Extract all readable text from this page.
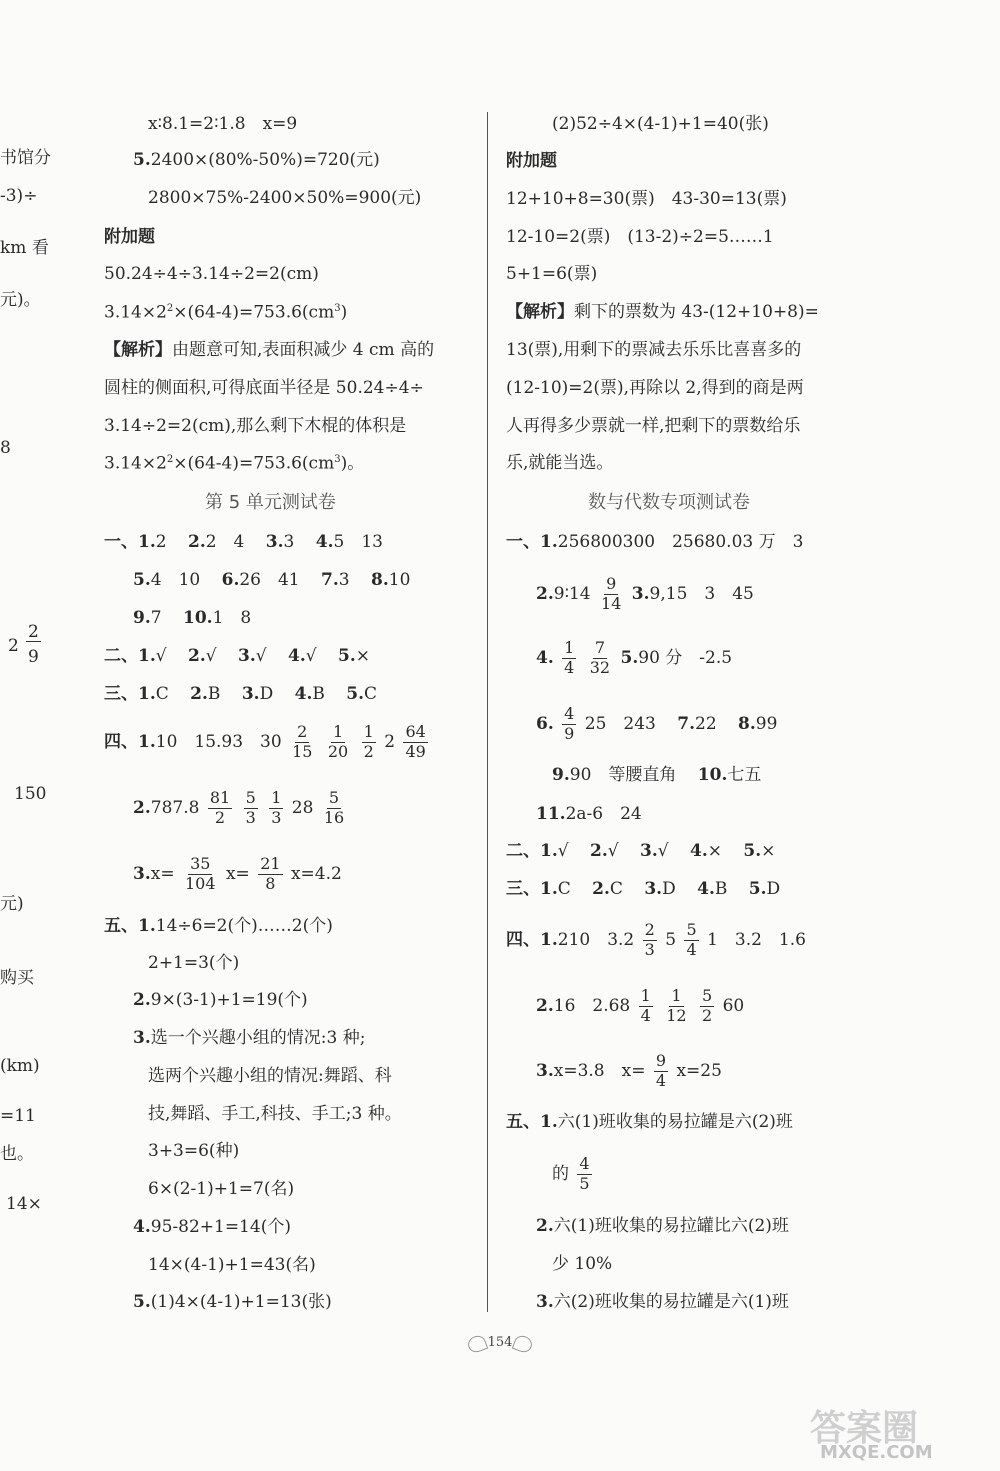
书馆分
-3)÷
km 看
元)。
8
2
2
9
150
元)
购买
(km)
=11
也。
14×
x∶8.1=2∶1.8　x=9
5.2400×(80%-50%)=720(元)
2800×75%-2400×50%=900(元)
附加题
50.24÷4÷3.14÷2=2(cm)
$3.14\times 2^2\times(64-4)=753.6(cm^3)$
【解析】由题意可知,表面积减少 4 cm 高的
圆柱的侧面积,可得底面半径是 50.24÷4÷
3.14÷2=2(cm),那么剩下木棍的体积是
$3.14\times 2^2\times(64-4)=753.6(cm^3)$。
第 5 单元测试卷
一、1.2 2.2　4 3.3 4.5　13
5.4　10 6.26　41 7.3 8.10
9.7 10.1　8
二、1.√ 2.√ 3.√ 4.√ 5.×
三、1.C 2.B 3.D 4.B 5.C
四、1.10　15.93　$30 \frac{2}{15}$
$\frac{1}{20}$
$\frac{1}{2} 2 \frac{64}{49}$
$2.787.8 \frac{81}{2}$
$\frac{5}{3}$
$\frac{1}{3} 28 \frac{5}{16}$
$3.x= \frac{35}{104} x= \frac{21}{8} x=4.2$
五、1.14÷6=2(个)……2(个)
2+1=3(个)
2.9×(3-1)+1=19(个)
3.选一个兴趣小组的情况:3 种;
选两个兴趣小组的情况:舞蹈、科
技,舞蹈、手工,科技、手工;3 种。
3+3=6(种)
6×(2-1)+1=7(名)
4.95-82+1=14(个)
14×(4-1)+1=43(名)
5.(1)4×(4-1)+1=13(张)
(2)52÷4×(4-1)+1=40(张)
附加题
12+10+8=30(票)　43-30=13(票)
12-10=2(票)　(13-2)÷2=5……1
5+1=6(票)
【解析】剩下的票数为 43-(12+10+8)=
13(票),用剩下的票减去乐乐比喜喜多的
(12-10)=2(票),再除以 2,得到的商是两
人再得多少票就一样,把剩下的票数给乐
乐,就能当选。
数与代数专项测试卷
一、1.256800300　25680.03 万　3
2.9∶14 $\frac{9}{14} 3.9,15$　3　45
4. $\frac{1}{4}$
$\frac{7}{32} 5.90$ 分　-2.5
6. $\frac{4}{9} 25$　243 7.22 8.99
9.90　等腰直角 10.七五
11.2a-6　24
二、1.√ 2.√ 3.√ 4.× 5.×
三、1.C 2.C 3.D 4.B 5.D
四、1.210　$3.2 \frac{2}{3} 5 \frac{5}{4} 1$　3.2　1.6
2.16　$2.68 \frac{1}{4}$
$\frac{1}{12}$
$\frac{5}{2} 60$
3.x=3.8　$x= \frac{9}{4} x=25$
五、1.六(1)班收集的易拉罐是六(2)班
的 $\frac{4}{5}$
2.六(1)班收集的易拉罐比六(2)班
少 10%
3.六(2)班收集的易拉罐是六(1)班
154
答案圈
MXQE.COM
